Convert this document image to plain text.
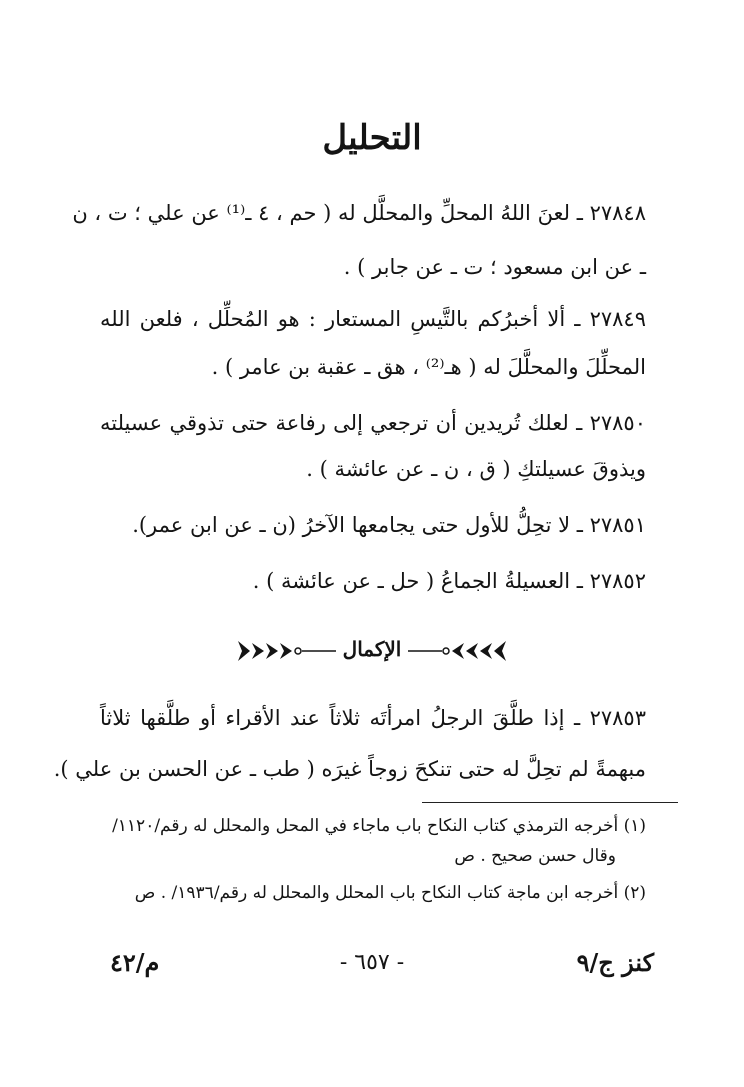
التحليل
٢٧٨٤٨ ـ لعنَ اللهُ المحلِّ والمحلَّل له ( حم ، ٤ ـ⁽¹⁾ عن علي ؛ ت ، ن
ـ عن ابن مسعود ؛ ت ـ عن جابر ) .
٢٧٨٤٩ ـ ألا أخبرُكم بالتَّيسِ المستعار : هو المُحلِّل ، فلعن الله
المحلِّلَ والمحلَّلَ له ( هـ⁽²⁾ ، هق ـ عقبة بن عامر ) .
٢٧٨٥٠ ـ لعلك تُريدين أن ترجعي إلى رفاعة حتى تذوقي عسيلته
ويذوقَ عسيلتكِ ( ق ، ن ـ عن عائشة ) .
٢٧٨٥١ ـ لا تحِلُّ للأول حتى يجامعها الآخرُ (ن ـ عن ابن عمر).
٢٧٨٥٢ ـ العسيلةُ الجماعُ ( حل ـ عن عائشة ) .
الإكمال
٢٧٨٥٣ ـ إذا طلَّقَ الرجلُ امرأتَه ثلاثاً عند الأقراء أو طلَّقها ثلاثاً
مبهمةً لم تحِلَّ له حتى تنكحَ زوجاً غيرَه ( طب ـ عن الحسن بن علي ).
(١) أخرجه الترمذي كتاب النكاح باب ماجاء في المحل والمحلل له رقم/١١٢٠/
وقال حسن صحيح . ص
(٢) أخرجه ابن ماجة كتاب النكاح باب المحلل والمحلل له رقم/١٩٣٦/ . ص
كنز ج/٩
- ٦٥٧ -
م/٤٢
